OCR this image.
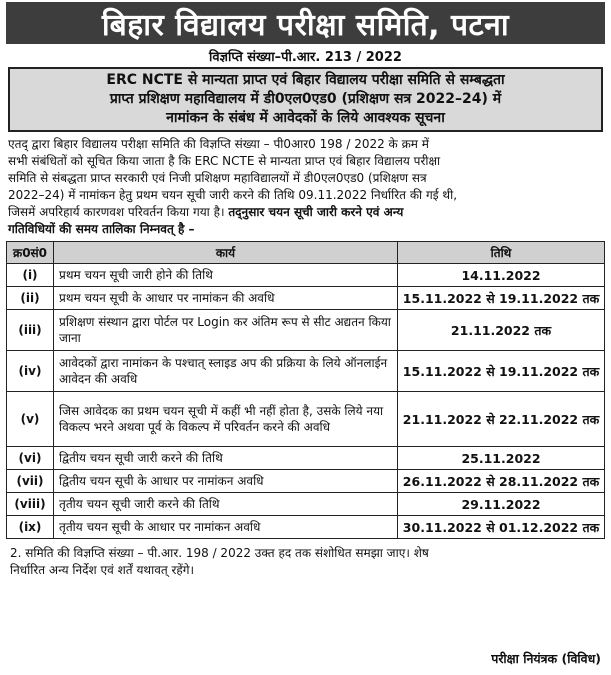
बिहार विद्यालय परीक्षा समिति, पटना
विज्ञप्ति संख्या–पी.आर. 213 / 2022
ERC NCTE से मान्यता प्राप्त एवं बिहार विद्यालय परीक्षा समिति से सम्बद्धता
प्राप्त प्रशिक्षण महाविद्यालय में डी0एल0एड0 (प्रशिक्षण सत्र 2022–24) में
नामांकन के संबंध में आवेदकों के लिये आवश्यक सूचना
एतद् द्वारा बिहार विद्यालय परीक्षा समिति की विज्ञप्ति संख्या – पी0आर0 198 / 2022 के क्रम में
सभी संबंधितों को सूचित किया जाता है कि ERC NCTE से मान्यता प्राप्त एवं बिहार विद्यालय परीक्षा
समिति से संबद्धता प्राप्त सरकारी एवं निजी प्रशिक्षण महाविद्यालयों में डी0एल0एड0 (प्रशिक्षण सत्र
2022–24) में नामांकन हेतु प्रथम चयन सूची जारी करने की तिथि 09.11.2022 निर्धारित की गई थी,
जिसमें अपरिहार्य कारणवश परिवर्तन किया गया है। तद्नुसार चयन सूची जारी करने एवं अन्य
गतिविधियों की समय तालिका निम्नवत् है –
क्र0सं0	कार्य	तिथि
(i)	प्रथम चयन सूची जारी होने की तिथि	14.11.2022
(ii)	प्रथम चयन सूची के आधार पर नामांकन की अवधि	15.11.2022 से 19.11.2022 तक
(iii)	प्रशिक्षण संस्थान द्वारा पोर्टल पर Login कर अंतिम रूप से सीट अद्यतन किया जाना	21.11.2022 तक
(iv)	आवेदकों द्वारा नामांकन के पश्चात् स्लाइड अप की प्रक्रिया के लिये ऑनलाईन आवेदन की अवधि	15.11.2022 से 19.11.2022 तक
(v)	जिस आवेदक का प्रथम चयन सूची में कहीं भी नहीं होता है, उसके लिये नया विकल्प भरने अथवा पूर्व के विकल्प में परिवर्तन करने की अवधि	21.11.2022 से 22.11.2022 तक
(vi)	द्वितीय चयन सूची जारी करने की तिथि	25.11.2022
(vii)	द्वितीय चयन सूची के आधार पर नामांकन अवधि	26.11.2022 से 28.11.2022 तक
(viii)	तृतीय चयन सूची जारी करने की तिथि	29.11.2022
(ix)	तृतीय चयन सूची के आधार पर नामांकन अवधि	30.11.2022 से 01.12.2022 तक
2. समिति की विज्ञप्ति संख्या – पी.आर. 198 / 2022 उक्त हद तक संशोधित समझा जाए। शेष
निर्धारित अन्य निर्देश एवं शर्तें यथावत् रहेंगे।
परीक्षा नियंत्रक (विविध)
